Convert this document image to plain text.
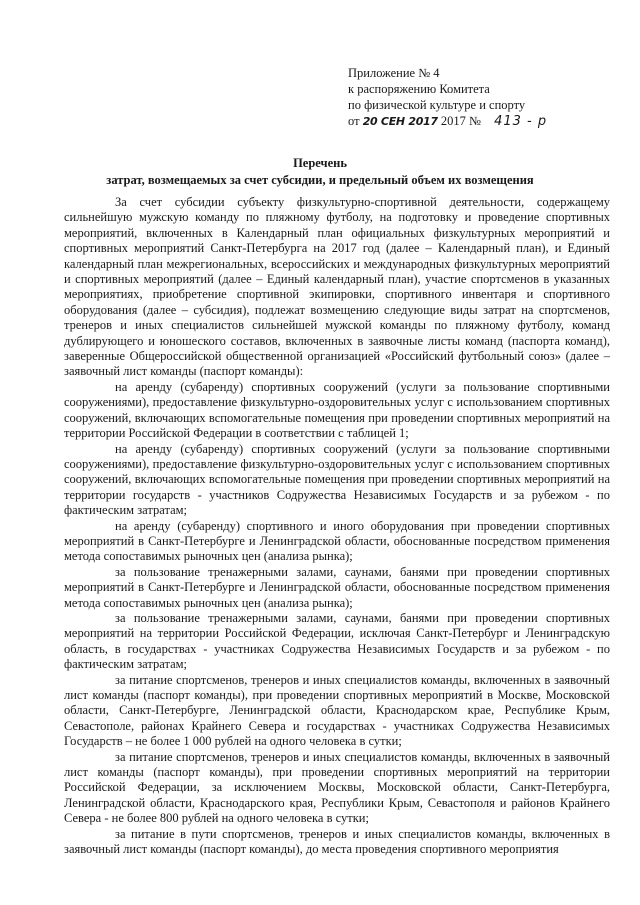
Приложение № 4
к распоряжению Комитета
по физической культуре и спорту
от 20 СЕН 2017 2017 № 413 - р
Перечень
затрат, возмещаемых за счет субсидии, и предельный объем их возмещения

За счет субсидии субъекту физкультурно-спортивной деятельности, содержащему сильнейшую мужскую команду по пляжному футболу, на подготовку и проведение спортивных мероприятий, включенных в Календарный план официальных физкультурных мероприятий и спортивных мероприятий Санкт-Петербурга на 2017 год (далее – Календарный план), и Единый календарный план межрегиональных, всероссийских и международных физкультурных мероприятий и спортивных мероприятий (далее – Единый календарный план), участие спортсменов в указанных мероприятиях, приобретение спортивной экипировки, спортивного инвентаря и спортивного оборудования (далее – субсидия), подлежат возмещению следующие виды затрат на спортсменов, тренеров и иных специалистов сильнейшей мужской команды по пляжному футболу, команд дублирующего и юношеского составов, включенных в заявочные листы команд (паспорта команд), заверенные Общероссийской общественной организацией «Российский футбольный союз» (далее – заявочный лист команды (паспорт команды):

на аренду (субаренду) спортивных сооружений (услуги за пользование спортивными сооружениями), предоставление физкультурно-оздоровительных услуг с использованием спортивных сооружений, включающих вспомогательные помещения при проведении спортивных мероприятий на территории Российской Федерации в соответствии с таблицей 1;

на аренду (субаренду) спортивных сооружений (услуги за пользование спортивными сооружениями), предоставление физкультурно-оздоровительных услуг с использованием спортивных сооружений, включающих вспомогательные помещения при проведении спортивных мероприятий на территории государств - участников Содружества Независимых Государств и за рубежом - по фактическим затратам;

на аренду (субаренду) спортивного и иного оборудования при проведении спортивных мероприятий в Санкт-Петербурге и Ленинградской области, обоснованные посредством применения метода сопоставимых рыночных цен (анализа рынка);

за пользование тренажерными залами, саунами, банями при проведении спортивных мероприятий в Санкт-Петербурге и Ленинградской области, обоснованные посредством применения метода сопоставимых рыночных цен (анализа рынка);

за пользование тренажерными залами, саунами, банями при проведении спортивных мероприятий на территории Российской Федерации, исключая Санкт-Петербург и Ленинградскую область, в государствах - участниках Содружества Независимых Государств и за рубежом - по фактическим затратам;

за питание спортсменов, тренеров и иных специалистов команды, включенных в заявочный лист команды (паспорт команды), при проведении спортивных мероприятий в Москве, Московской области, Санкт-Петербурге, Ленинградской области, Краснодарском крае, Республике Крым, Севастополе, районах Крайнего Севера и государствах - участниках Содружества Независимых Государств – не более 1 000 рублей на одного человека в сутки;

за питание спортсменов, тренеров и иных специалистов команды, включенных в заявочный лист команды (паспорт команды), при проведении спортивных мероприятий на территории Российской Федерации, за исключением Москвы, Московской области, Санкт-Петербурга, Ленинградской области, Краснодарского края, Республики Крым, Севастополя и районов Крайнего Севера - не более 800 рублей на одного человека в сутки;

за питание в пути спортсменов, тренеров и иных специалистов команды, включенных в заявочный лист команды (паспорт команды), до места проведения спортивного мероприятия
